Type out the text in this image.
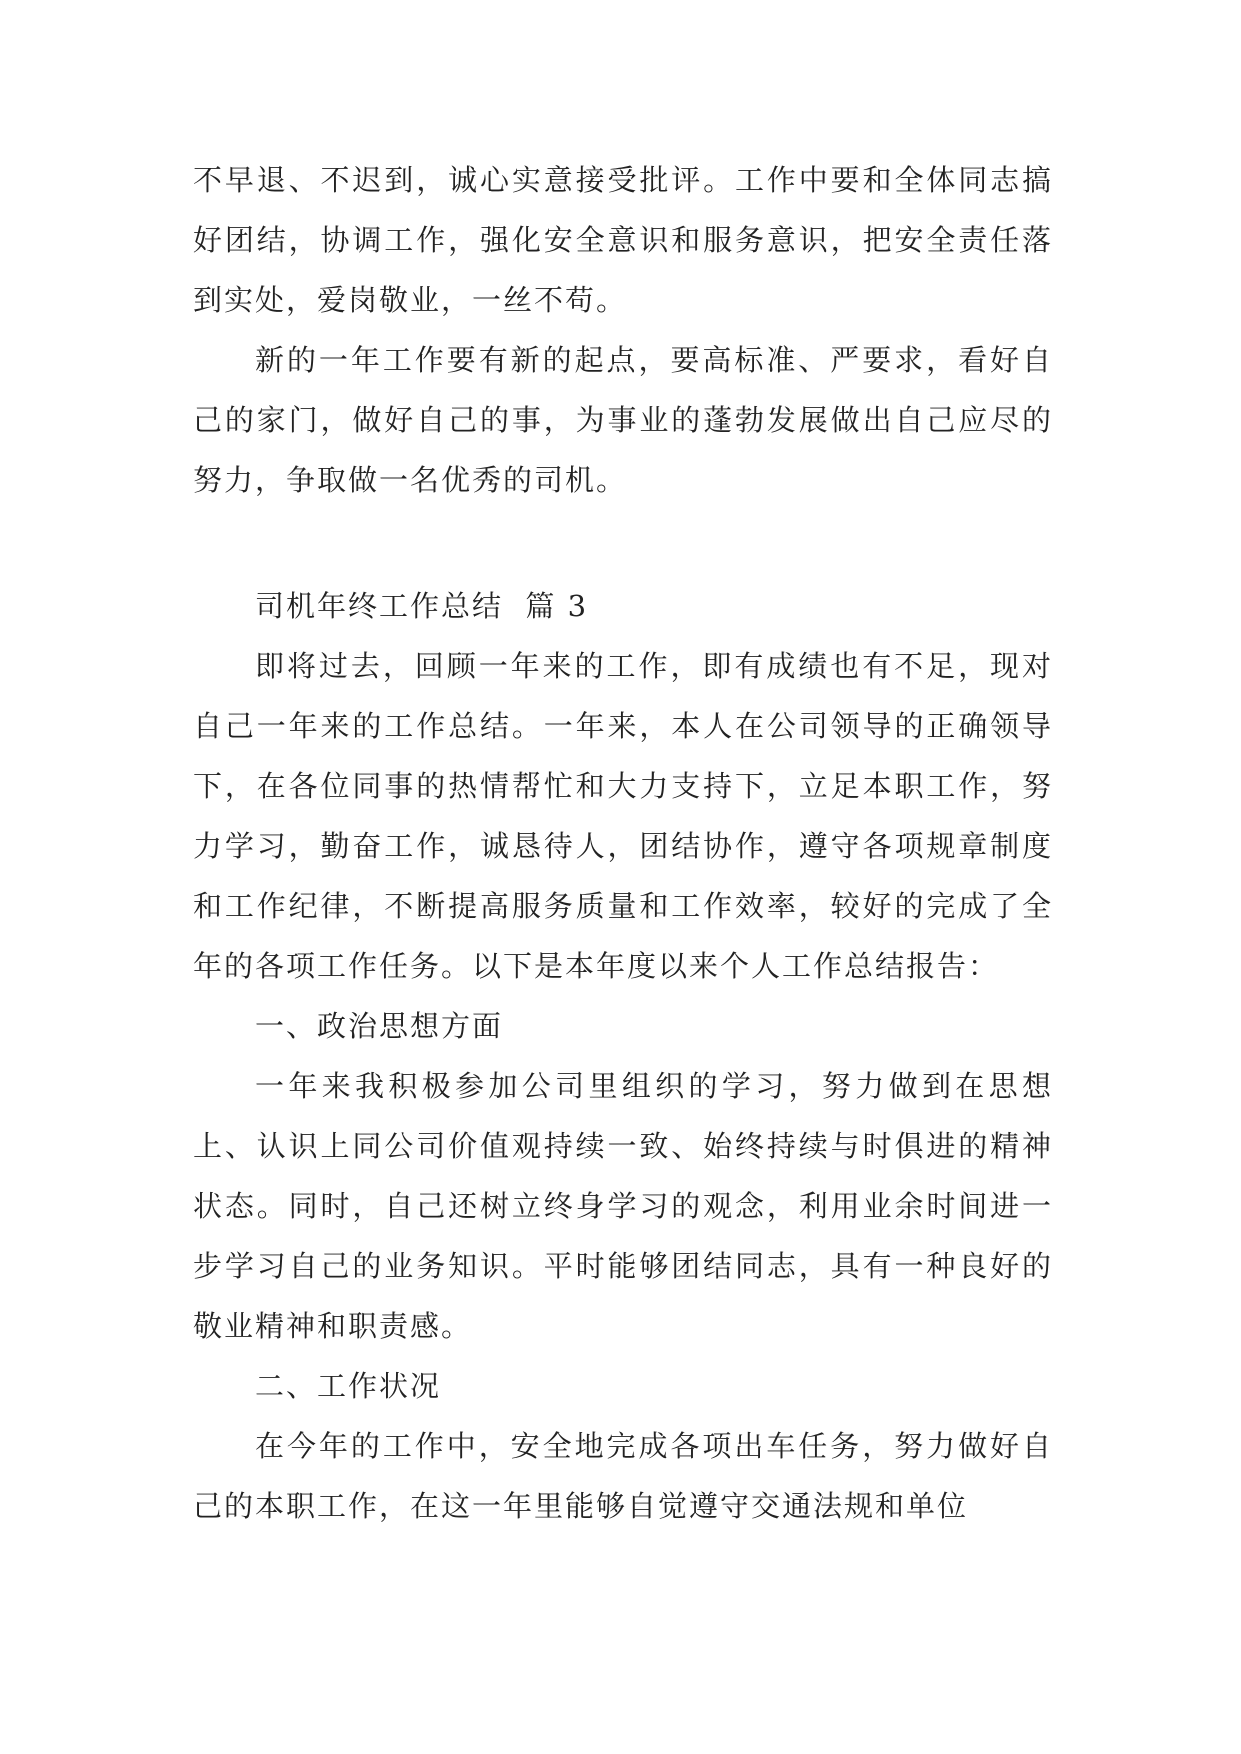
不早退、不迟到，诚心实意接受批评。工作中要和全体同志搞好团结，协调工作，强化安全意识和服务意识，把安全责任落到实处，爱岗敬业，一丝不苟。

新的一年工作要有新的起点，要高标准、严要求，看好自己的家门，做好自己的事，为事业的蓬勃发展做出自己应尽的努力，争取做一名优秀的司机。

司机年终工作总结  篇 3

即将过去，回顾一年来的工作，即有成绩也有不足，现对自己一年来的工作总结。一年来，本人在公司领导的正确领导下，在各位同事的热情帮忙和大力支持下，立足本职工作，努力学习，勤奋工作，诚恳待人，团结协作，遵守各项规章制度和工作纪律，不断提高服务质量和工作效率，较好的完成了全年的各项工作任务。以下是本年度以来个人工作总结报告：

一、政治思想方面

一年来我积极参加公司里组织的学习，努力做到在思想上、认识上同公司价值观持续一致、始终持续与时俱进的精神状态。同时，自己还树立终身学习的观念，利用业余时间进一步学习自己的业务知识。平时能够团结同志，具有一种良好的敬业精神和职责感。

二、工作状况

在今年的工作中，安全地完成各项出车任务，努力做好自己的本职工作，在这一年里能够自觉遵守交通法规和单位
